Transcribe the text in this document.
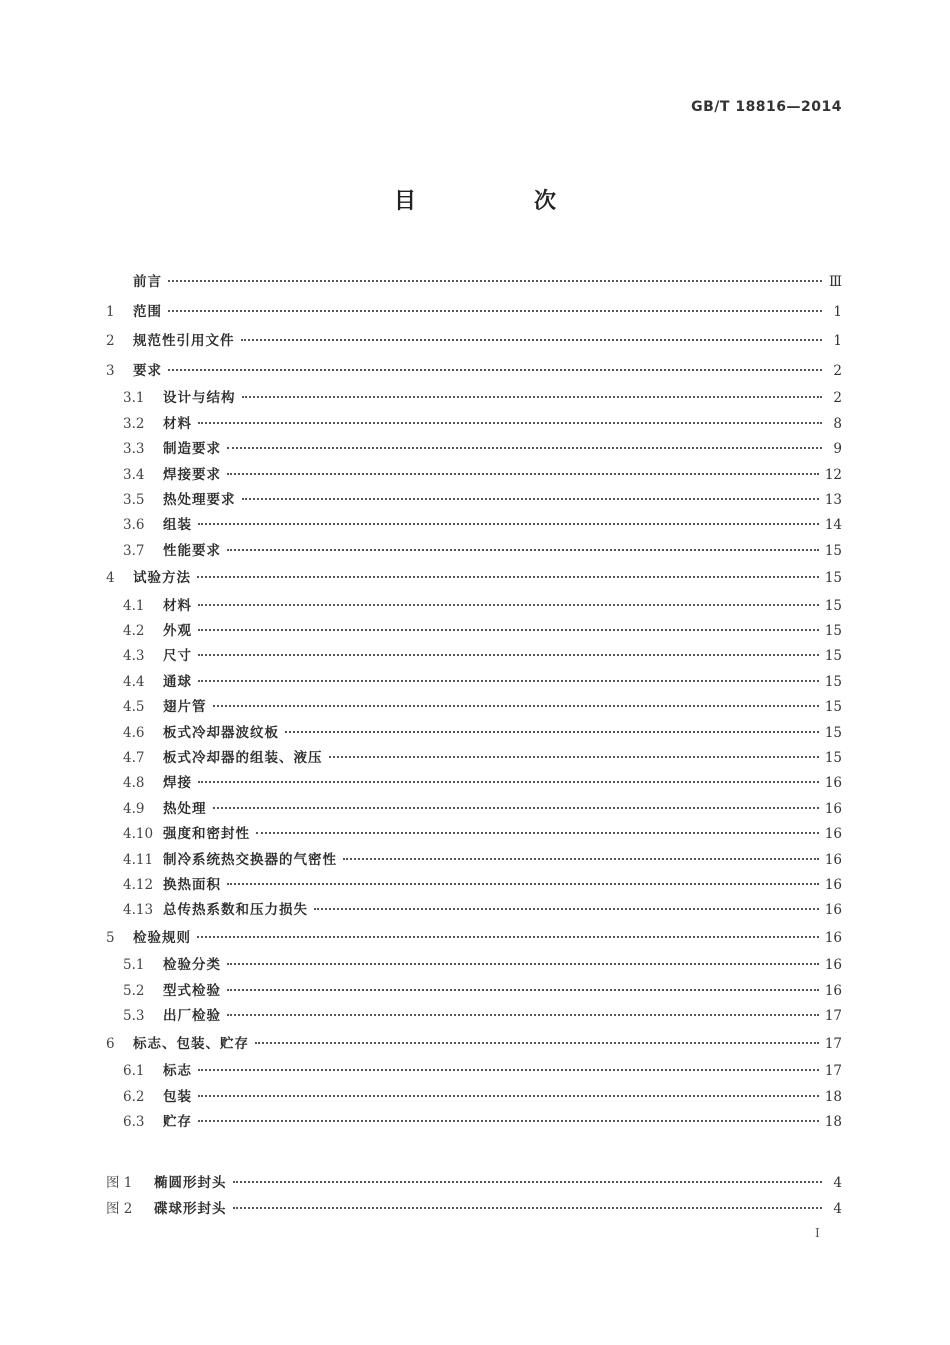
GB/T 18816—2014
目　次
前言	Ⅲ
1	范围	1
2	规范性引用文件	1
3	要求	2
3.1	设计与结构	2
3.2	材料	8
3.3	制造要求	9
3.4	焊接要求	12
3.5	热处理要求	13
3.6	组装	14
3.7	性能要求	15
4	试验方法	15
4.1	材料	15
4.2	外观	15
4.3	尺寸	15
4.4	通球	15
4.5	翅片管	15
4.6	板式冷却器波纹板	15
4.7	板式冷却器的组装、液压	15
4.8	焊接	16
4.9	热处理	16
4.10 强度和密封性	16
4.11 制冷系统热交换器的气密性	16
4.12 换热面积	16
4.13 总传热系数和压力损失	16
5	检验规则	16
5.1	检验分类	16
5.2	型式检验	16
5.3	出厂检验	17
6	标志、包装、贮存	17
6.1	标志	17
6.2	包装	18
6.3	贮存	18
图 1	椭圆形封头	4
图 2	碟球形封头	4
I
